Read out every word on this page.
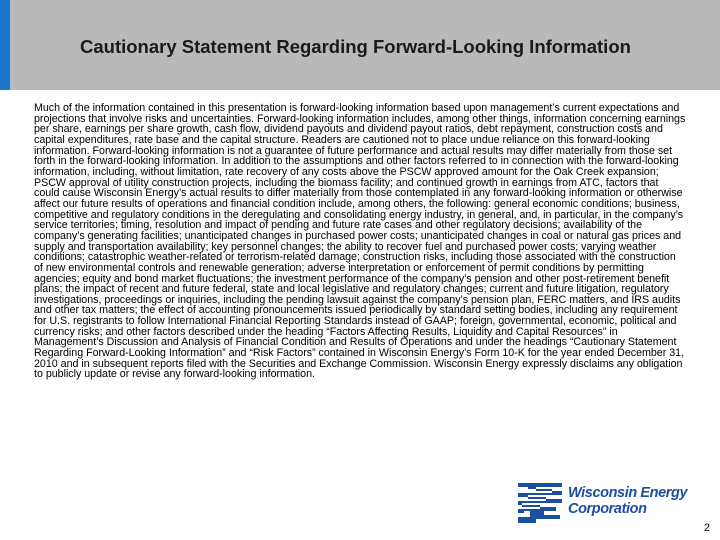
Cautionary Statement Regarding Forward-Looking Information

Much of the information contained in this presentation is forward-looking information based upon management’s current expectations and projections that involve risks and uncertainties. Forward-looking information includes, among other things, information concerning earnings per share, earnings per share growth, cash flow, dividend payouts and dividend payout ratios, debt repayment, construction costs and capital expenditures, rate base and the capital structure. Readers are cautioned not to place undue reliance on this forward-looking information. Forward-looking information is not a guarantee of future performance and actual results may differ materially from those set forth in the forward-looking information. In addition to the assumptions and other factors referred to in connection with the forward-looking information, including, without limitation, rate recovery of any costs above the PSCW approved amount for the Oak Creek expansion; PSCW approval of utility construction projects, including the biomass facility; and continued growth in earnings from ATC, factors that could cause Wisconsin Energy’s actual results to differ materially from those contemplated in any forward-looking information or otherwise affect our future results of operations and financial condition include, among others, the following: general economic conditions; business, competitive and regulatory conditions in the deregulating and consolidating energy industry, in general, and, in particular, in the company’s service territories; timing, resolution and impact of pending and future rate cases and other regulatory decisions; availability of the company’s generating facilities; unanticipated changes in purchased power costs; unanticipated changes in coal or natural gas prices and supply and transportation availability; key personnel changes; the ability to recover fuel and purchased power costs; varying weather conditions; catastrophic weather-related or terrorism-related damage; construction risks, including those associated with the construction of new environmental controls and renewable generation; adverse interpretation or enforcement of permit conditions by permitting agencies; equity and bond market fluctuations; the investment performance of the company’s pension and other post-retirement benefit plans; the impact of recent and future federal, state and local legislative and regulatory changes; current and future litigation, regulatory investigations, proceedings or inquiries, including the pending lawsuit against the company’s pension plan, FERC matters, and IRS audits and other tax matters; the effect of accounting pronouncements issued periodically by standard setting bodies, including any requirement for U.S. registrants to follow International Financial Reporting Standards instead of GAAP; foreign, governmental, economic, political and currency risks; and other factors described under the heading “Factors Affecting Results, Liquidity and Capital Resources” in Management’s Discussion and Analysis of Financial Condition and Results of Operations and under the headings “Cautionary Statement Regarding Forward-Looking Information” and “Risk Factors” contained in Wisconsin Energy’s Form 10-K for the year ended December 31, 2010 and in subsequent reports filed with the Securities and Exchange Commission. Wisconsin Energy expressly disclaims any obligation to publicly update or revise any forward-looking information.

Wisconsin Energy
Corporation
2
